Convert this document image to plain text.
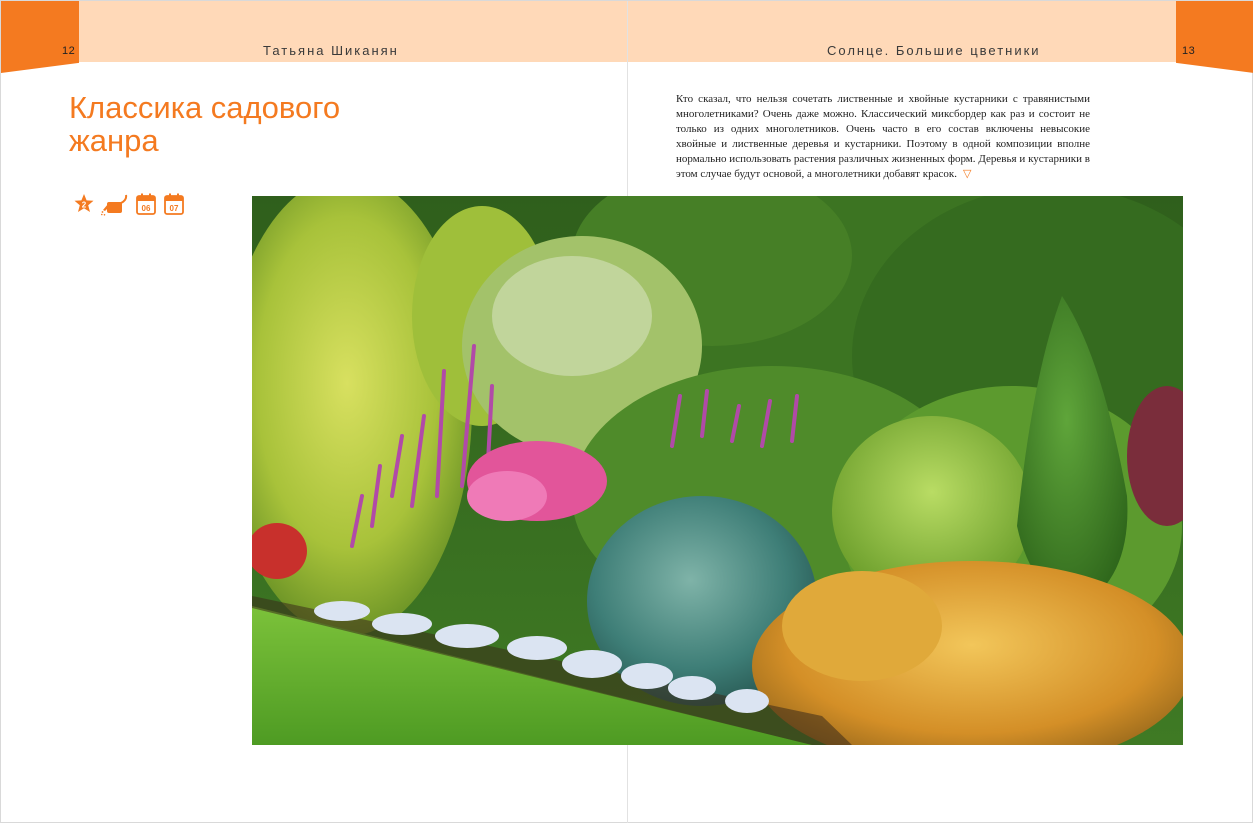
12	13
Татьяна Шиканян	Солнце. Большие цветники
Классика садового жанра
2	06 07

Кто сказал, что нельзя сочетать лиственные и хвойные кустарники с травянистыми многолетниками? Очень даже можно. Классический миксбордер как раз и состоит не только из одних многолетников. Очень часто в его состав включены невысокие хвойные и лиственные деревья и кустарники. Поэтому в одной композиции вполне нормально использовать растения различных жизненных форм. Деревья и кустарники в этом случае будут основой, а многолетники добавят красок. ▽
